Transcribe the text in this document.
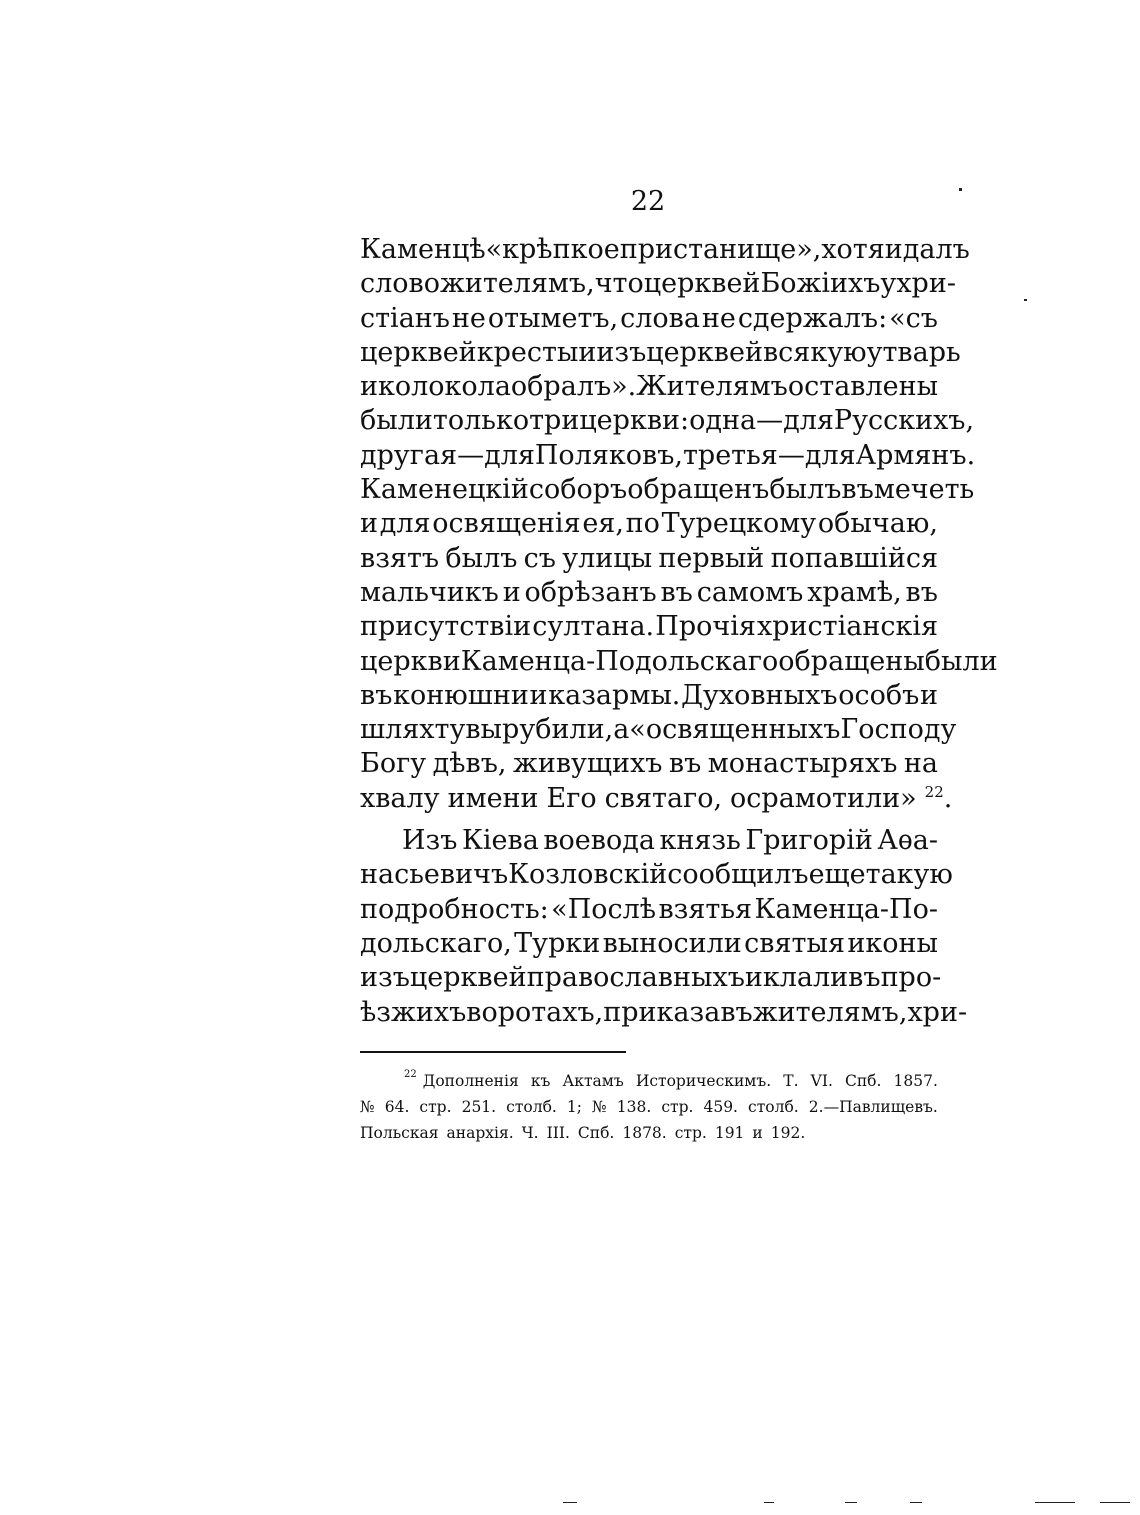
22
Каменцѣ «крѣпкое пристанище», хотя и далъ
слово жителямъ, что церквей Божіихъ у хри-
стіанъ не отыметъ, слова не сдержалъ: «съ
церквей кресты и изъ церквей всякую утварь
и колокола обралъ». Жителямъ оставлены
были только три церкви: одна—для Русскихъ,
другая—для Поляковъ, третья—для Армянъ.
Каменецкій соборъ обращенъ былъ въ мечеть
и для освященія ея, по Турецкому обычаю,
взятъ былъ съ улицы первый попавшійся
мальчикъ и обрѣзанъ въ самомъ храмѣ, въ
присутствіи султана. Прочія христіанскія
церкви Каменца-Подольскаго обращены были
въ конюшни и казармы. Духовныхъ особъ и
шляхту вырубили, а «освященныхъ Господу
Богу дѣвъ, живущихъ въ монастыряхъ на
хвалу имени Его святаго, осрамотили» 22 .
Изъ Кіева воевода князь Григорій Аѳа-
насьевичъ Козловскій сообщилъ еще такую
подробность: «Послѣ взятья Каменца-По-
дольскаго, Турки выносили святыя иконы
изъ церквей православныхъ и клали въ про-
ѣзжихъ воротахъ, приказавъ жителямъ, хри-
$^{22}$ Дополненія къ Актамъ Историческимъ. Т. VI. Спб. 1857.
№ 64. стр. 251. столб. 1; № 138. стр. 459. столб. 2.—Павлищевъ.
Польская анархія. Ч. III. Спб. 1878. стр. 191 и 192.
